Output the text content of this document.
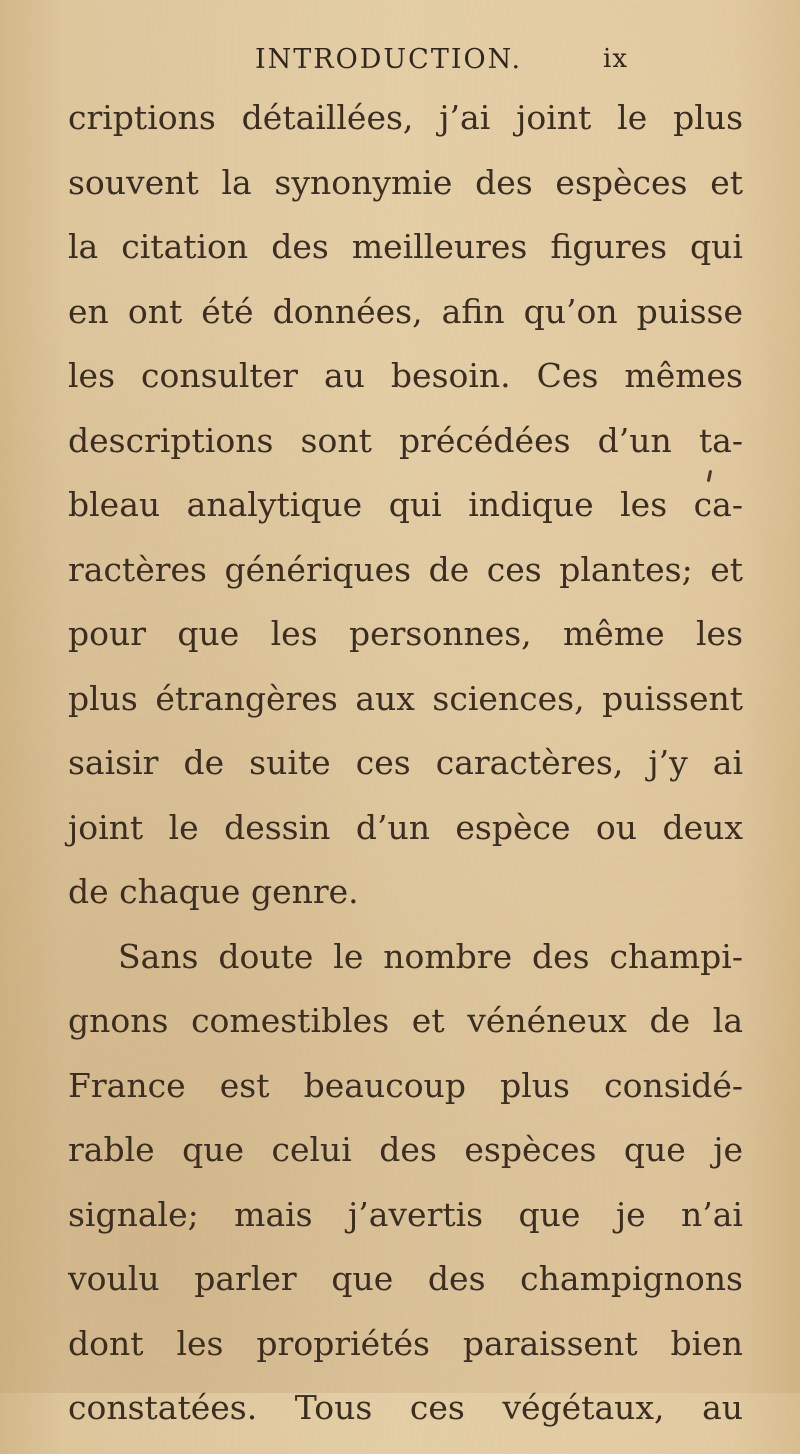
INTRODUCTION.	ix
criptions détaillées, j’ai joint le plus
souvent la synonymie des espèces et
la citation des meilleures figures qui
en ont été données, afin qu’on puisse
les consulter au besoin. Ces mêmes
descriptions sont précédées d’un ta-
bleau analytique qui indique les ca-
ractères génériques de ces plantes; et
pour que les personnes, même les
plus étrangères aux sciences, puissent
saisir de suite ces caractères, j’y ai
joint le dessin d’un espèce ou deux
de chaque genre.
Sans doute le nombre des champi-
gnons comestibles et vénéneux de la
France est beaucoup plus considé-
rable que celui des espèces que je
signale; mais j’avertis que je n’ai
voulu parler que des champignons
dont les propriétés paraissent bien
constatées. Tous ces végétaux, au
